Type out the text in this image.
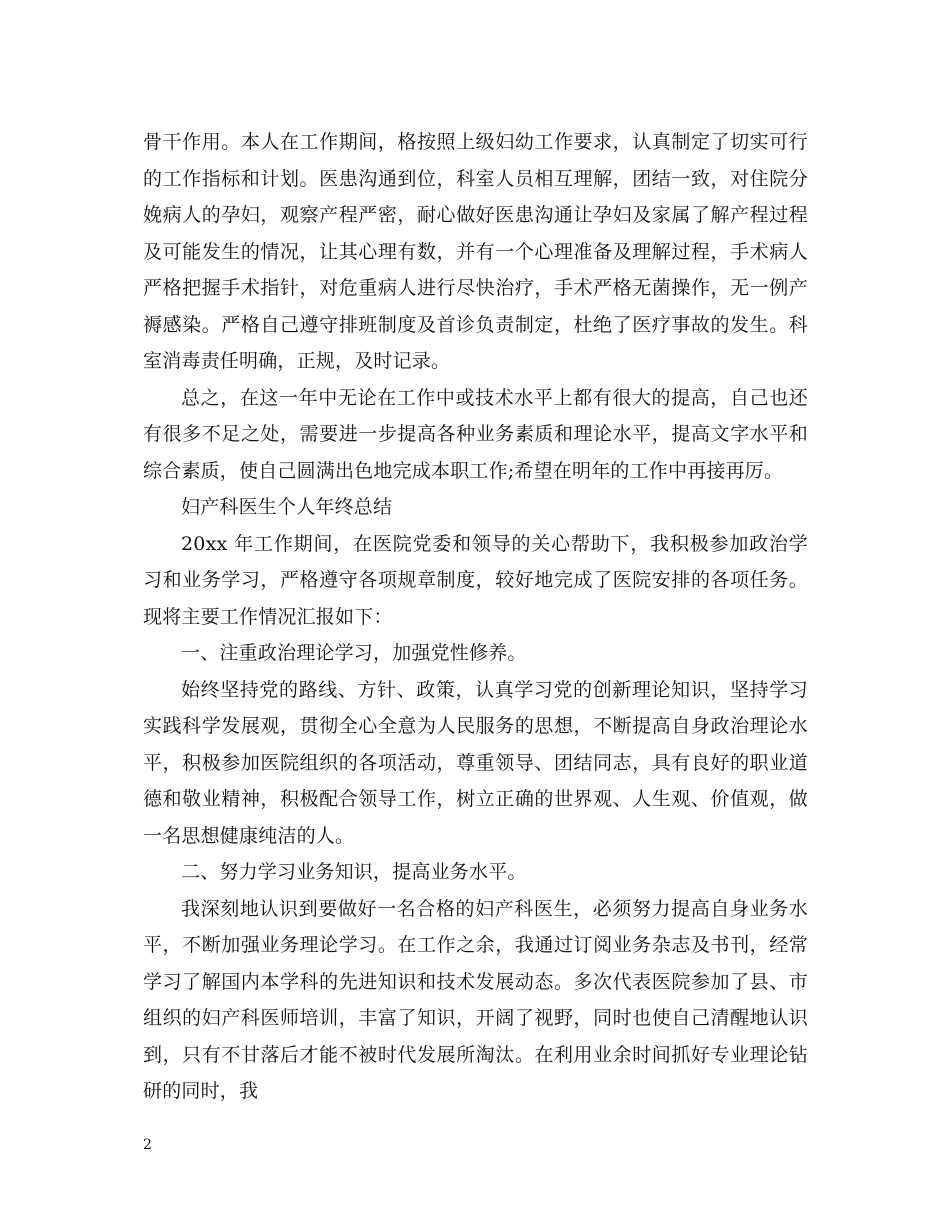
骨干作用。本人在工作期间，格按照上级妇幼工作要求，认真制定了切实可行的工作指标和计划。医患沟通到位，科室人员相互理解，团结一致，对住院分娩病人的孕妇，观察产程严密，耐心做好医患沟通让孕妇及家属了解产程过程及可能发生的情况，让其心理有数，并有一个心理准备及理解过程，手术病人严格把握手术指针，对危重病人进行尽快治疗，手术严格无菌操作，无一例产褥感染。严格自己遵守排班制度及首诊负责制定，杜绝了医疗事故的发生。科室消毒责任明确，正规，及时记录。

总之，在这一年中无论在工作中或技术水平上都有很大的提高，自己也还有很多不足之处，需要进一步提高各种业务素质和理论水平，提高文字水平和综合素质，使自己圆满出色地完成本职工作;希望在明年的工作中再接再厉。

妇产科医生个人年终总结

20xx 年工作期间，在医院党委和领导的关心帮助下，我积极参加政治学习和业务学习，严格遵守各项规章制度，较好地完成了医院安排的各项任务。现将主要工作情况汇报如下：

一、注重政治理论学习，加强党性修养。

始终坚持党的路线、方针、政策，认真学习党的创新理论知识，坚持学习实践科学发展观，贯彻全心全意为人民服务的思想，不断提高自身政治理论水平，积极参加医院组织的各项活动，尊重领导、团结同志，具有良好的职业道德和敬业精神，积极配合领导工作，树立正确的世界观、人生观、价值观，做一名思想健康纯洁的人。

二、努力学习业务知识，提高业务水平。

我深刻地认识到要做好一名合格的妇产科医生，必须努力提高自身业务水平，不断加强业务理论学习。在工作之余，我通过订阅业务杂志及书刊，经常学习了解国内本学科的先进知识和技术发展动态。多次代表医院参加了县、市组织的妇产科医师培训，丰富了知识，开阔了视野，同时也使自己清醒地认识到，只有不甘落后才能不被时代发展所淘汰。在利用业余时间抓好专业理论钻研的同时，我

2
